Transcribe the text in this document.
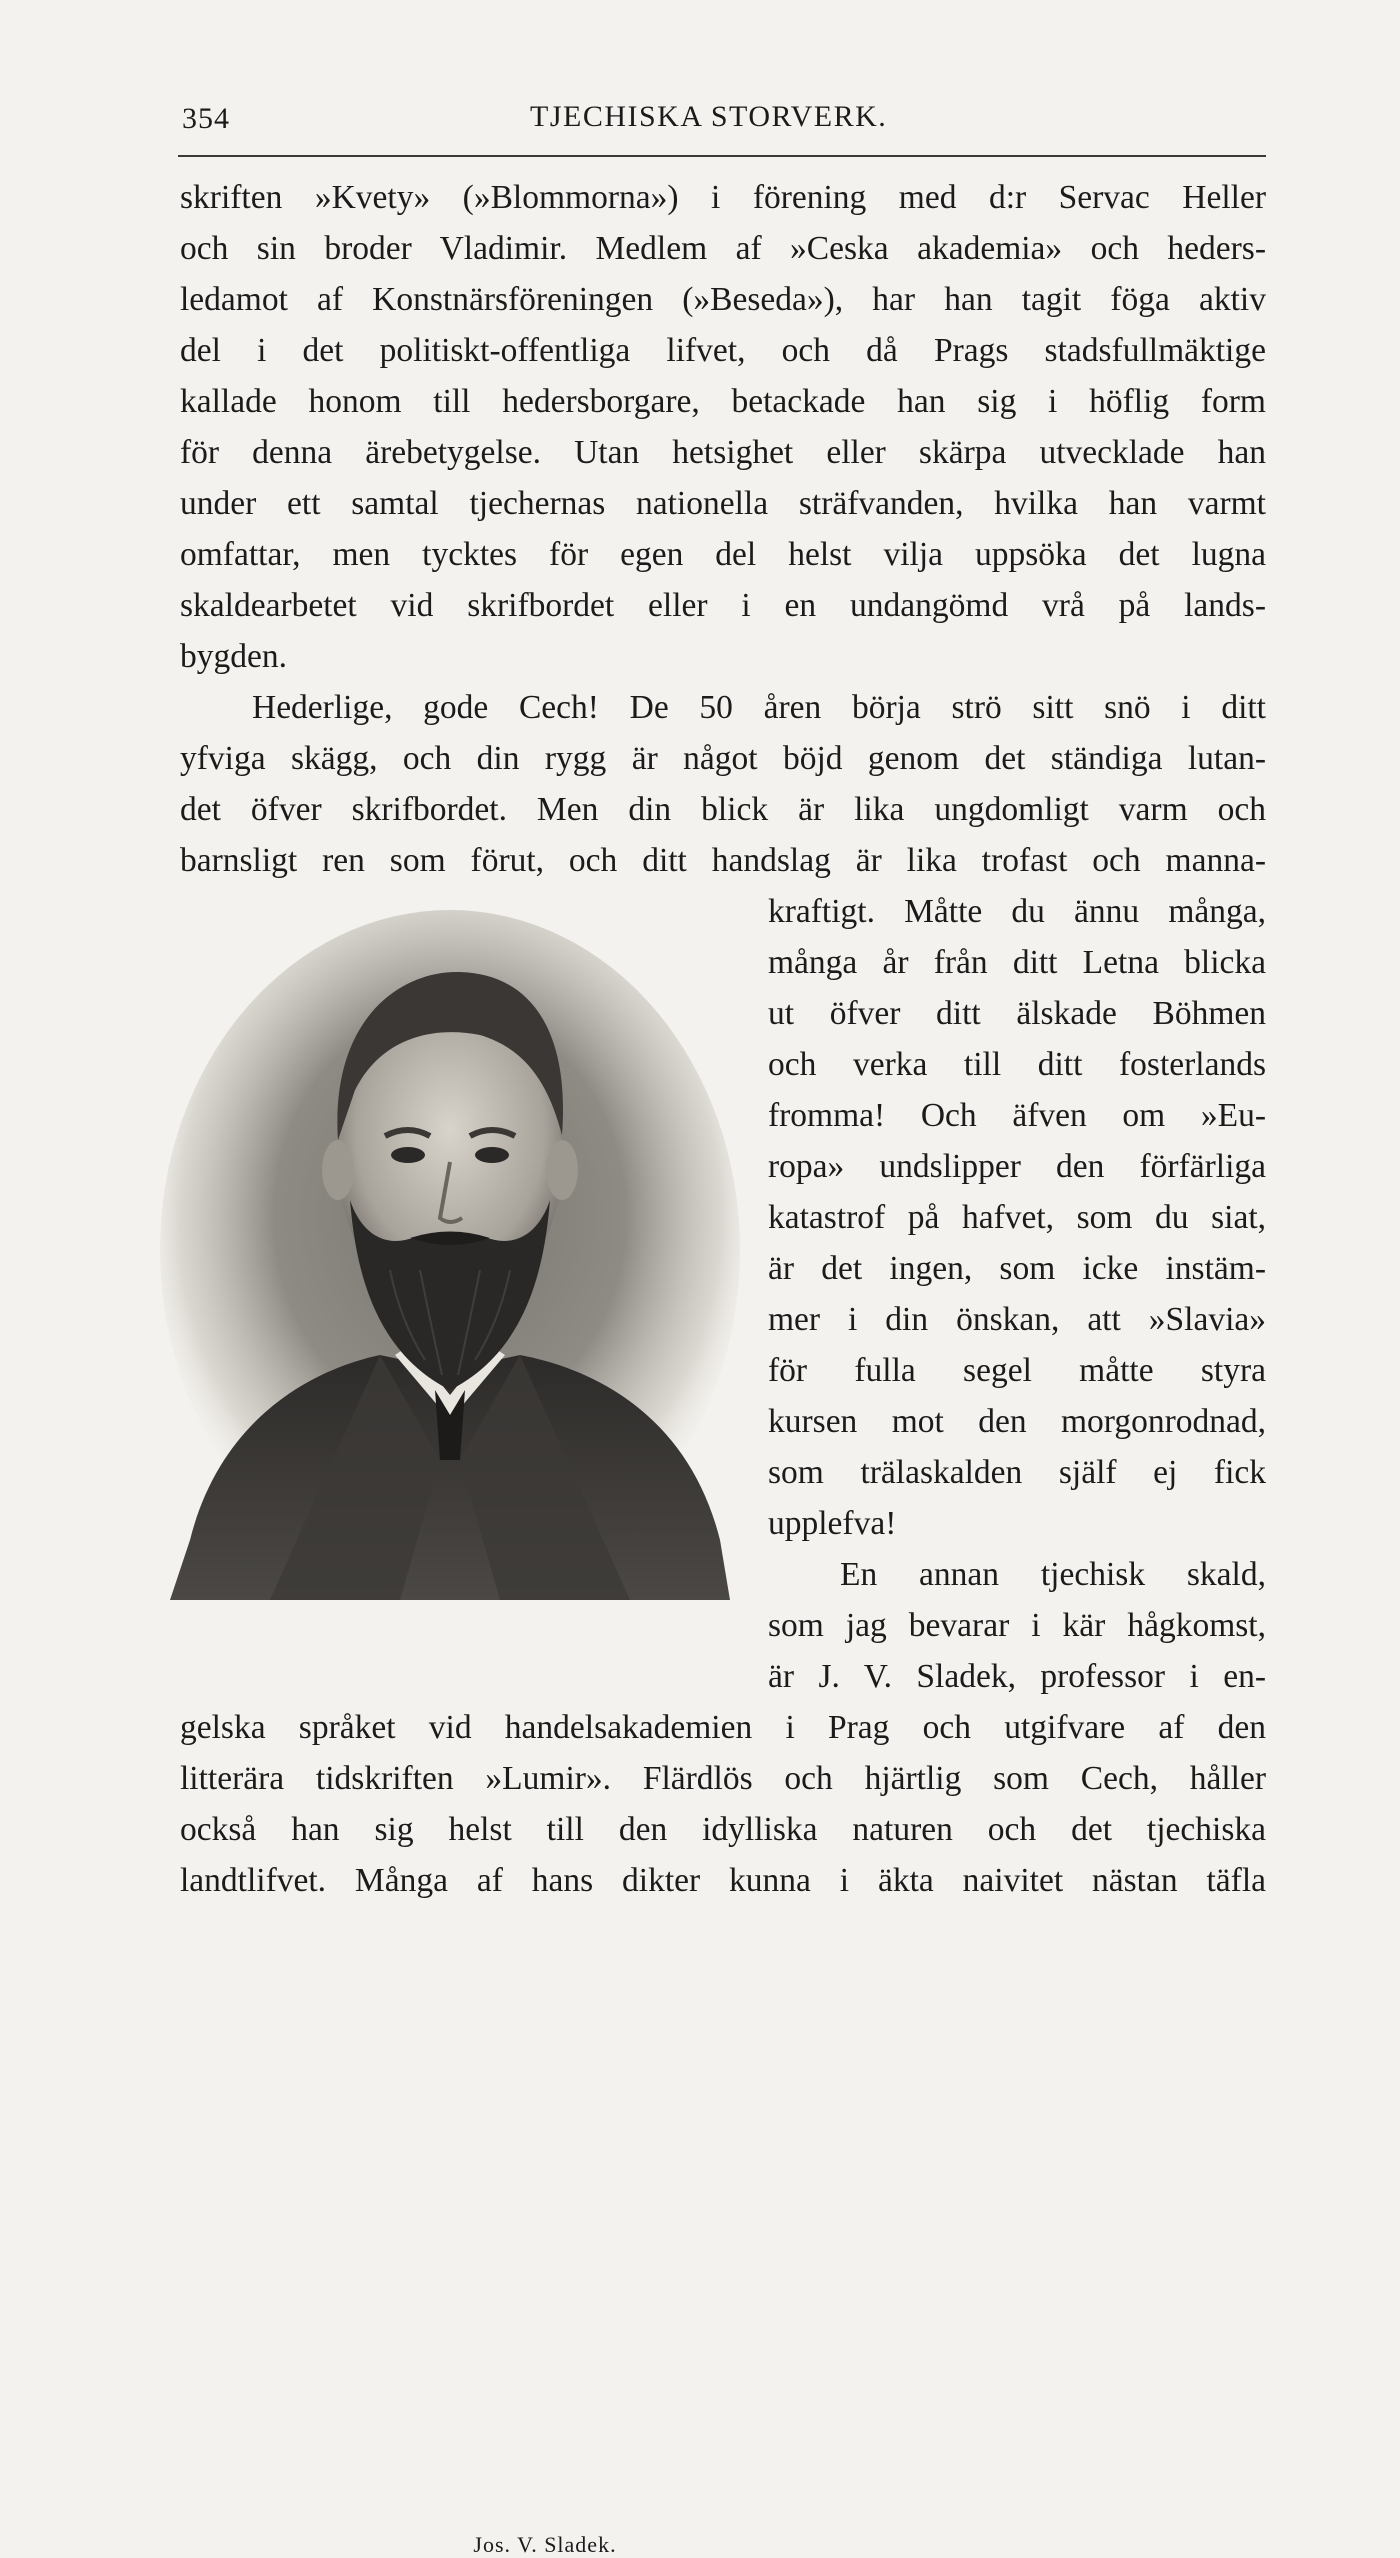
354	TJECHISKA STORVERK.
skriften »Kvety» (»Blommorna») i förening med d:r Servac Heller
och sin broder Vladimir. Medlem af »Ceska akademia» och heders-
ledamot af Konstnärsföreningen (»Beseda»), har han tagit föga aktiv
del i det politiskt-offentliga lifvet, och då Prags stadsfullmäktige
kallade honom till hedersborgare, betackade han sig i höflig form
för denna ärebetygelse. Utan hetsighet eller skärpa utvecklade han
under ett samtal tjechernas nationella sträfvanden, hvilka han varmt
omfattar, men tycktes för egen del helst vilja uppsöka det lugna
skaldearbetet vid skrifbordet eller i en undangömd vrå på lands-
bygden.
Hederlige, gode Cech! De 50 åren börja strö sitt snö i ditt
yfviga skägg, och din rygg är något böjd genom det ständiga lutan-
det öfver skrifbordet. Men din blick är lika ungdomligt varm och
barnsligt ren som förut, och ditt handslag är lika trofast och manna-
kraftigt. Måtte du ännu många,
många år från ditt Letna blicka
ut öfver ditt älskade Böhmen
och verka till ditt fosterlands
fromma! Och äfven om »Eu-
ropa» undslipper den förfärliga
katastrof på hafvet, som du siat,
är det ingen, som icke instäm-
mer i din önskan, att »Slavia»
för fulla segel måtte styra
kursen mot den morgonrodnad,
som trälaskalden själf ej fick
upplefva!
En annan tjechisk skald,
som jag bevarar i kär hågkomst,
är J. V. Sladek, professor i en-
gelska språket vid handelsakademien i Prag och utgifvare af den
litterära tidskriften »Lumir». Flärdlös och hjärtlig som Cech, håller
också han sig helst till den idylliska naturen och det tjechiska
landtlifvet. Många af hans dikter kunna i äkta naivitet nästan täfla
Jos. V. Sladek.
